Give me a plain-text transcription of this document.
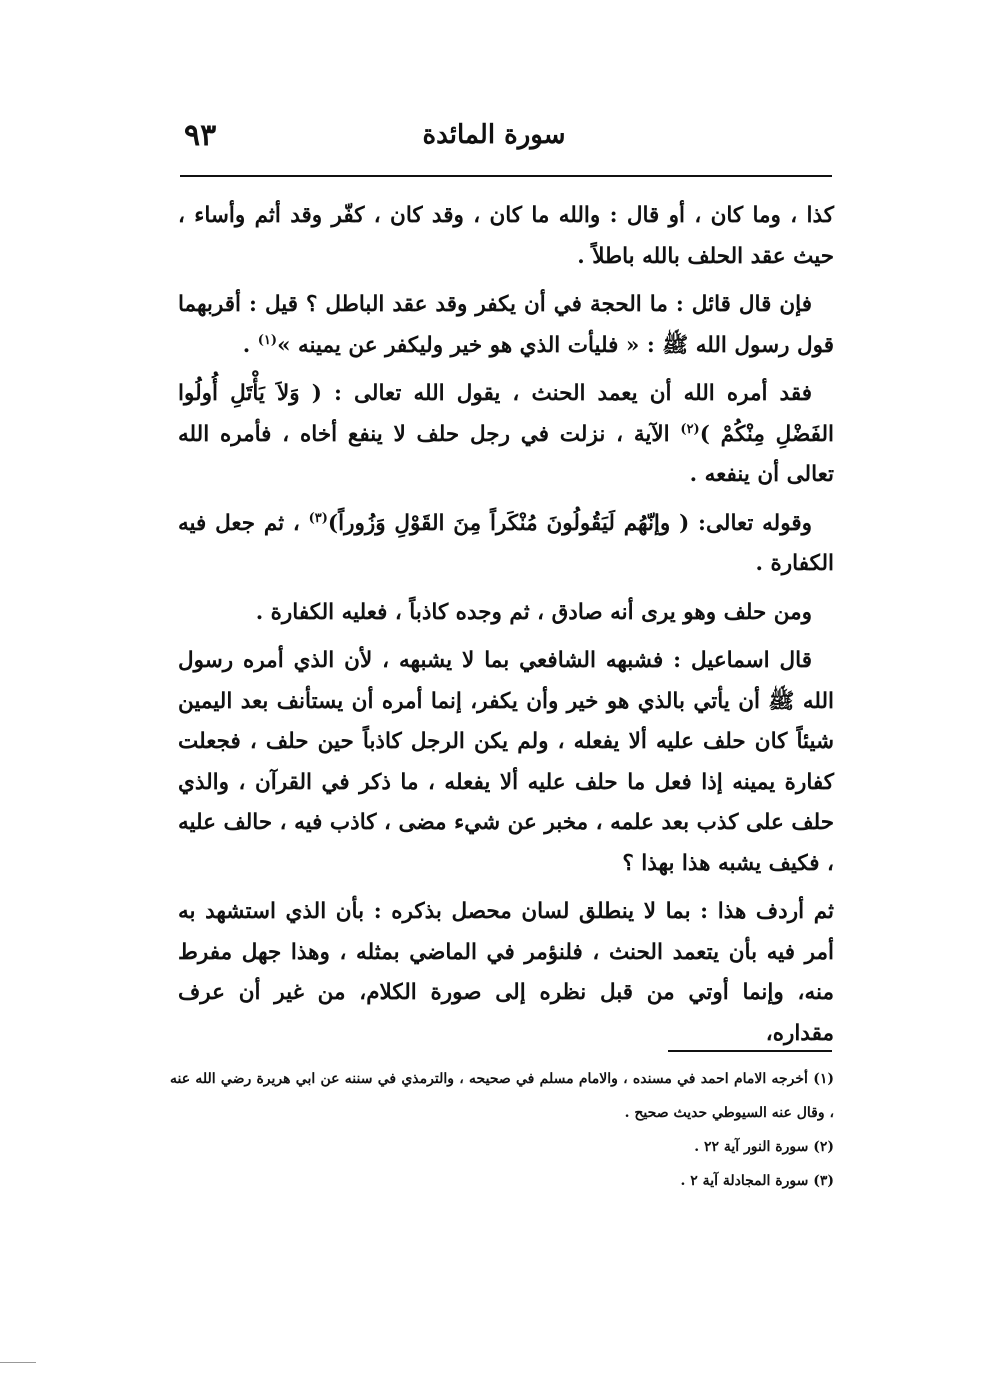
٩٣	سورة المائدة

كذا ، وما كان ، أو قال : والله ما كان ، وقد كان ، كفّر وقد أثم وأساء ، حيث عقد الحلف بالله باطلاً .

فإن قال قائل : ما الحجة في أن يكفر وقد عقد الباطل ؟ قيل : أقربهما قول رسول الله ﷺ : « فليأت الذي هو خير وليكفر عن يمينه »$^{(١)}$ .

فقد أمره الله أن يعمد الحنث ، يقول الله تعالى : ( وَلاَ يَأْتَلِ أُولُوا الفَضْلِ مِنْكُمْ )$^{(٢)}$ الآية ، نزلت في رجل حلف لا ينفع أخاه ، فأمره الله تعالى أن ينفعه .

وقوله تعالى: ( وإنّهُم لَيَقُولُونَ مُنْكَراً مِنَ القَوْلِ وَزُوراً)$^{(٣)}$ ، ثم جعل فيه الكفارة .

ومن حلف وهو يرى أنه صادق ، ثم وجده كاذباً ، فعليه الكفارة .

قال اسماعيل : فشبهه الشافعي بما لا يشبهه ، لأن الذي أمره رسول الله ﷺ أن يأتي بالذي هو خير وأن يكفر، إنما أمره أن يستأنف بعد اليمين شيئاً كان حلف عليه ألا يفعله ، ولم يكن الرجل كاذباً حين حلف ، فجعلت كفارة يمينه إذا فعل ما حلف عليه ألا يفعله ، ما ذكر في القرآن ، والذي حلف على كذب بعد علمه ، مخبر عن شيء مضى ، كاذب فيه ، حالف عليه ، فكيف يشبه هذا بهذا ؟

ثم أردف هذا : بما لا ينطلق لسان محصل بذكره : بأن الذي استشهد به أمر فيه بأن يتعمد الحنث ، فلنؤمر في الماضي بمثله ، وهذا جهل مفرط منه، وإنما أوتي من قبل نظره إلى صورة الكلام، من غير أن عرف مقداره،

(١) أخرجه الامام احمد في مسنده ، والامام مسلم في صحيحه ، والترمذي في سننه عن ابي هريرة رضي الله عنه ، وقال عنه السيوطي حديث صحيح .

(٢) سورة النور آية ٢٢ .

(٣) سورة المجادلة آية ٢ .
